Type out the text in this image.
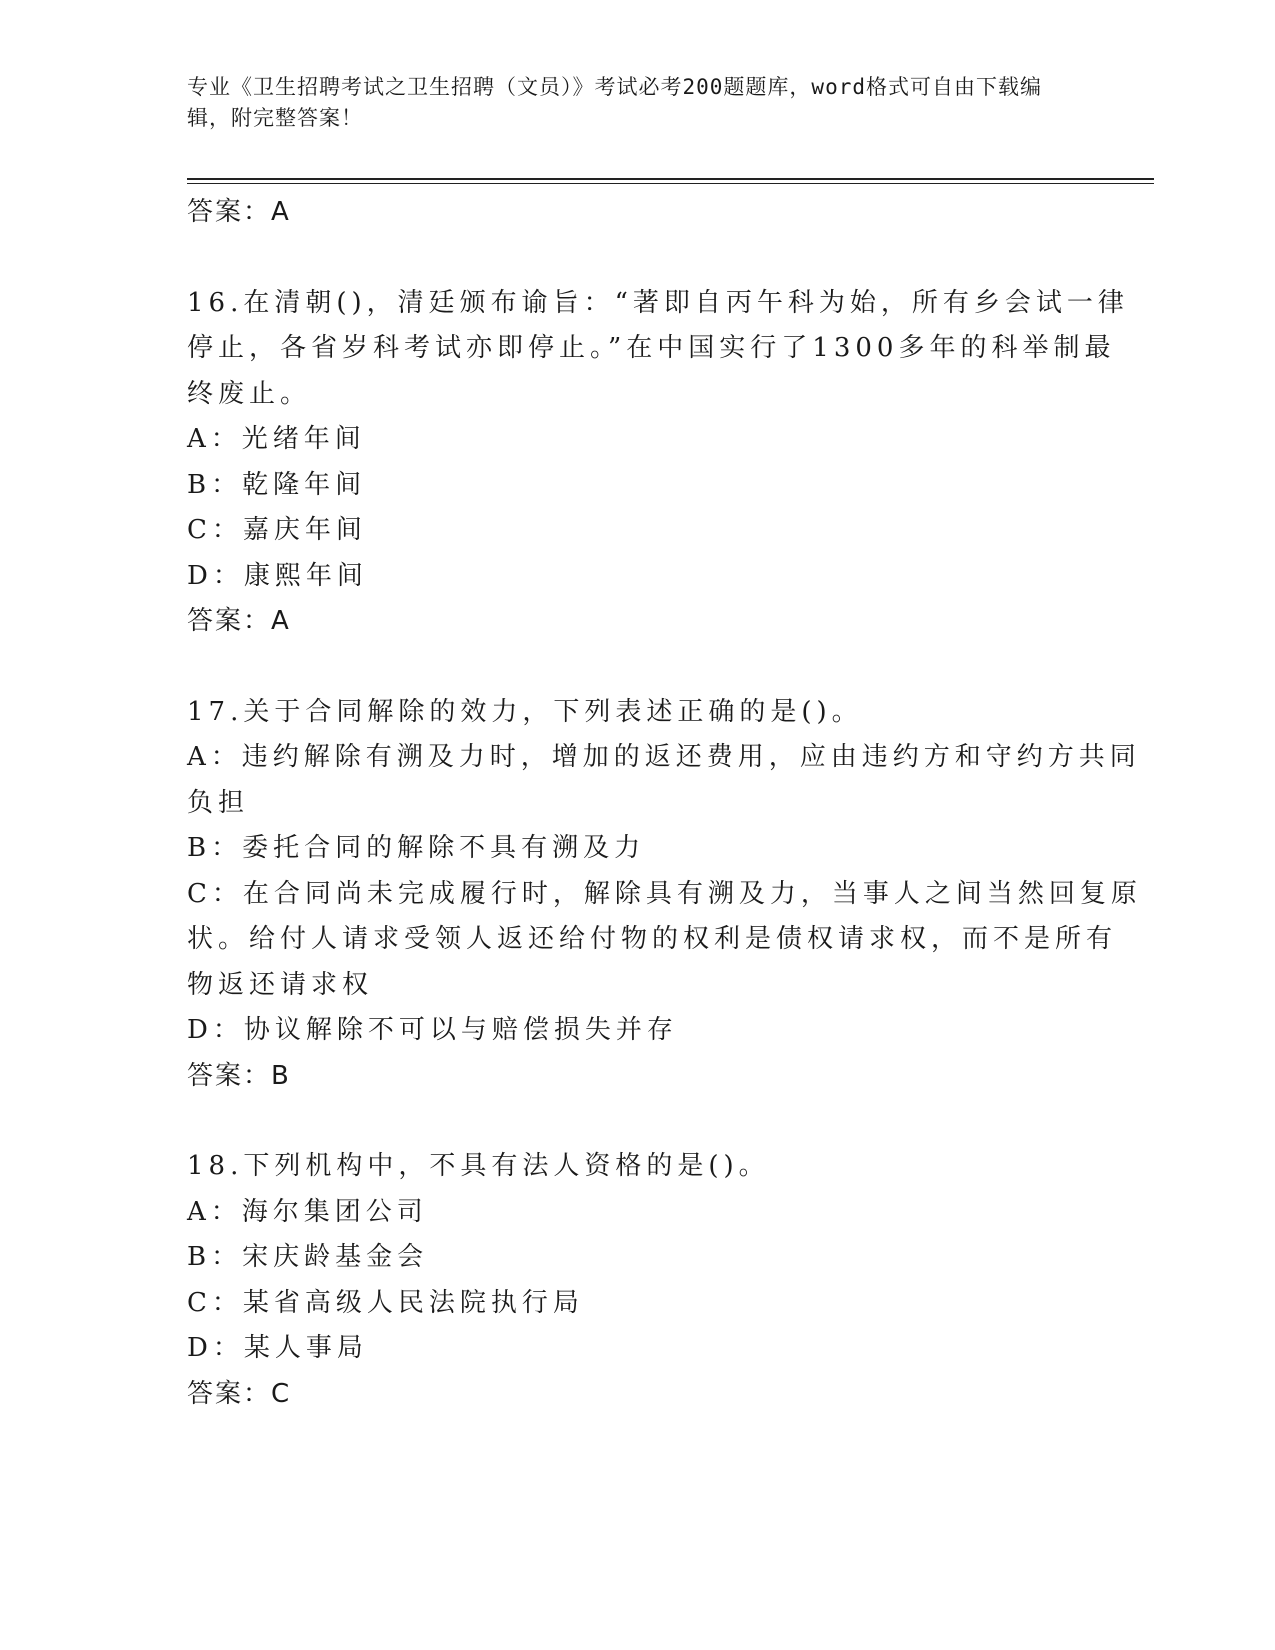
专业《卫生招聘考试之卫生招聘（文员）》考试必考200题题库，word格式可自由下载编辑，附完整答案！
答案：A
16.在清朝()，清廷颁布谕旨：“著即自丙午科为始，所有乡会试一律
停止，各省岁科考试亦即停止。”在中国实行了1300多年的科举制最
终废止。
A：光绪年间
B：乾隆年间
C：嘉庆年间
D：康熙年间
答案：A
17.关于合同解除的效力，下列表述正确的是()。
A：违约解除有溯及力时，增加的返还费用，应由违约方和守约方共同
负担
B：委托合同的解除不具有溯及力
C：在合同尚未完成履行时，解除具有溯及力，当事人之间当然回复原
状。给付人请求受领人返还给付物的权利是债权请求权，而不是所有
物返还请求权
D：协议解除不可以与赔偿损失并存
答案：B
18.下列机构中，不具有法人资格的是()。
A：海尔集团公司
B：宋庆龄基金会
C：某省高级人民法院执行局
D：某人事局
答案：C
